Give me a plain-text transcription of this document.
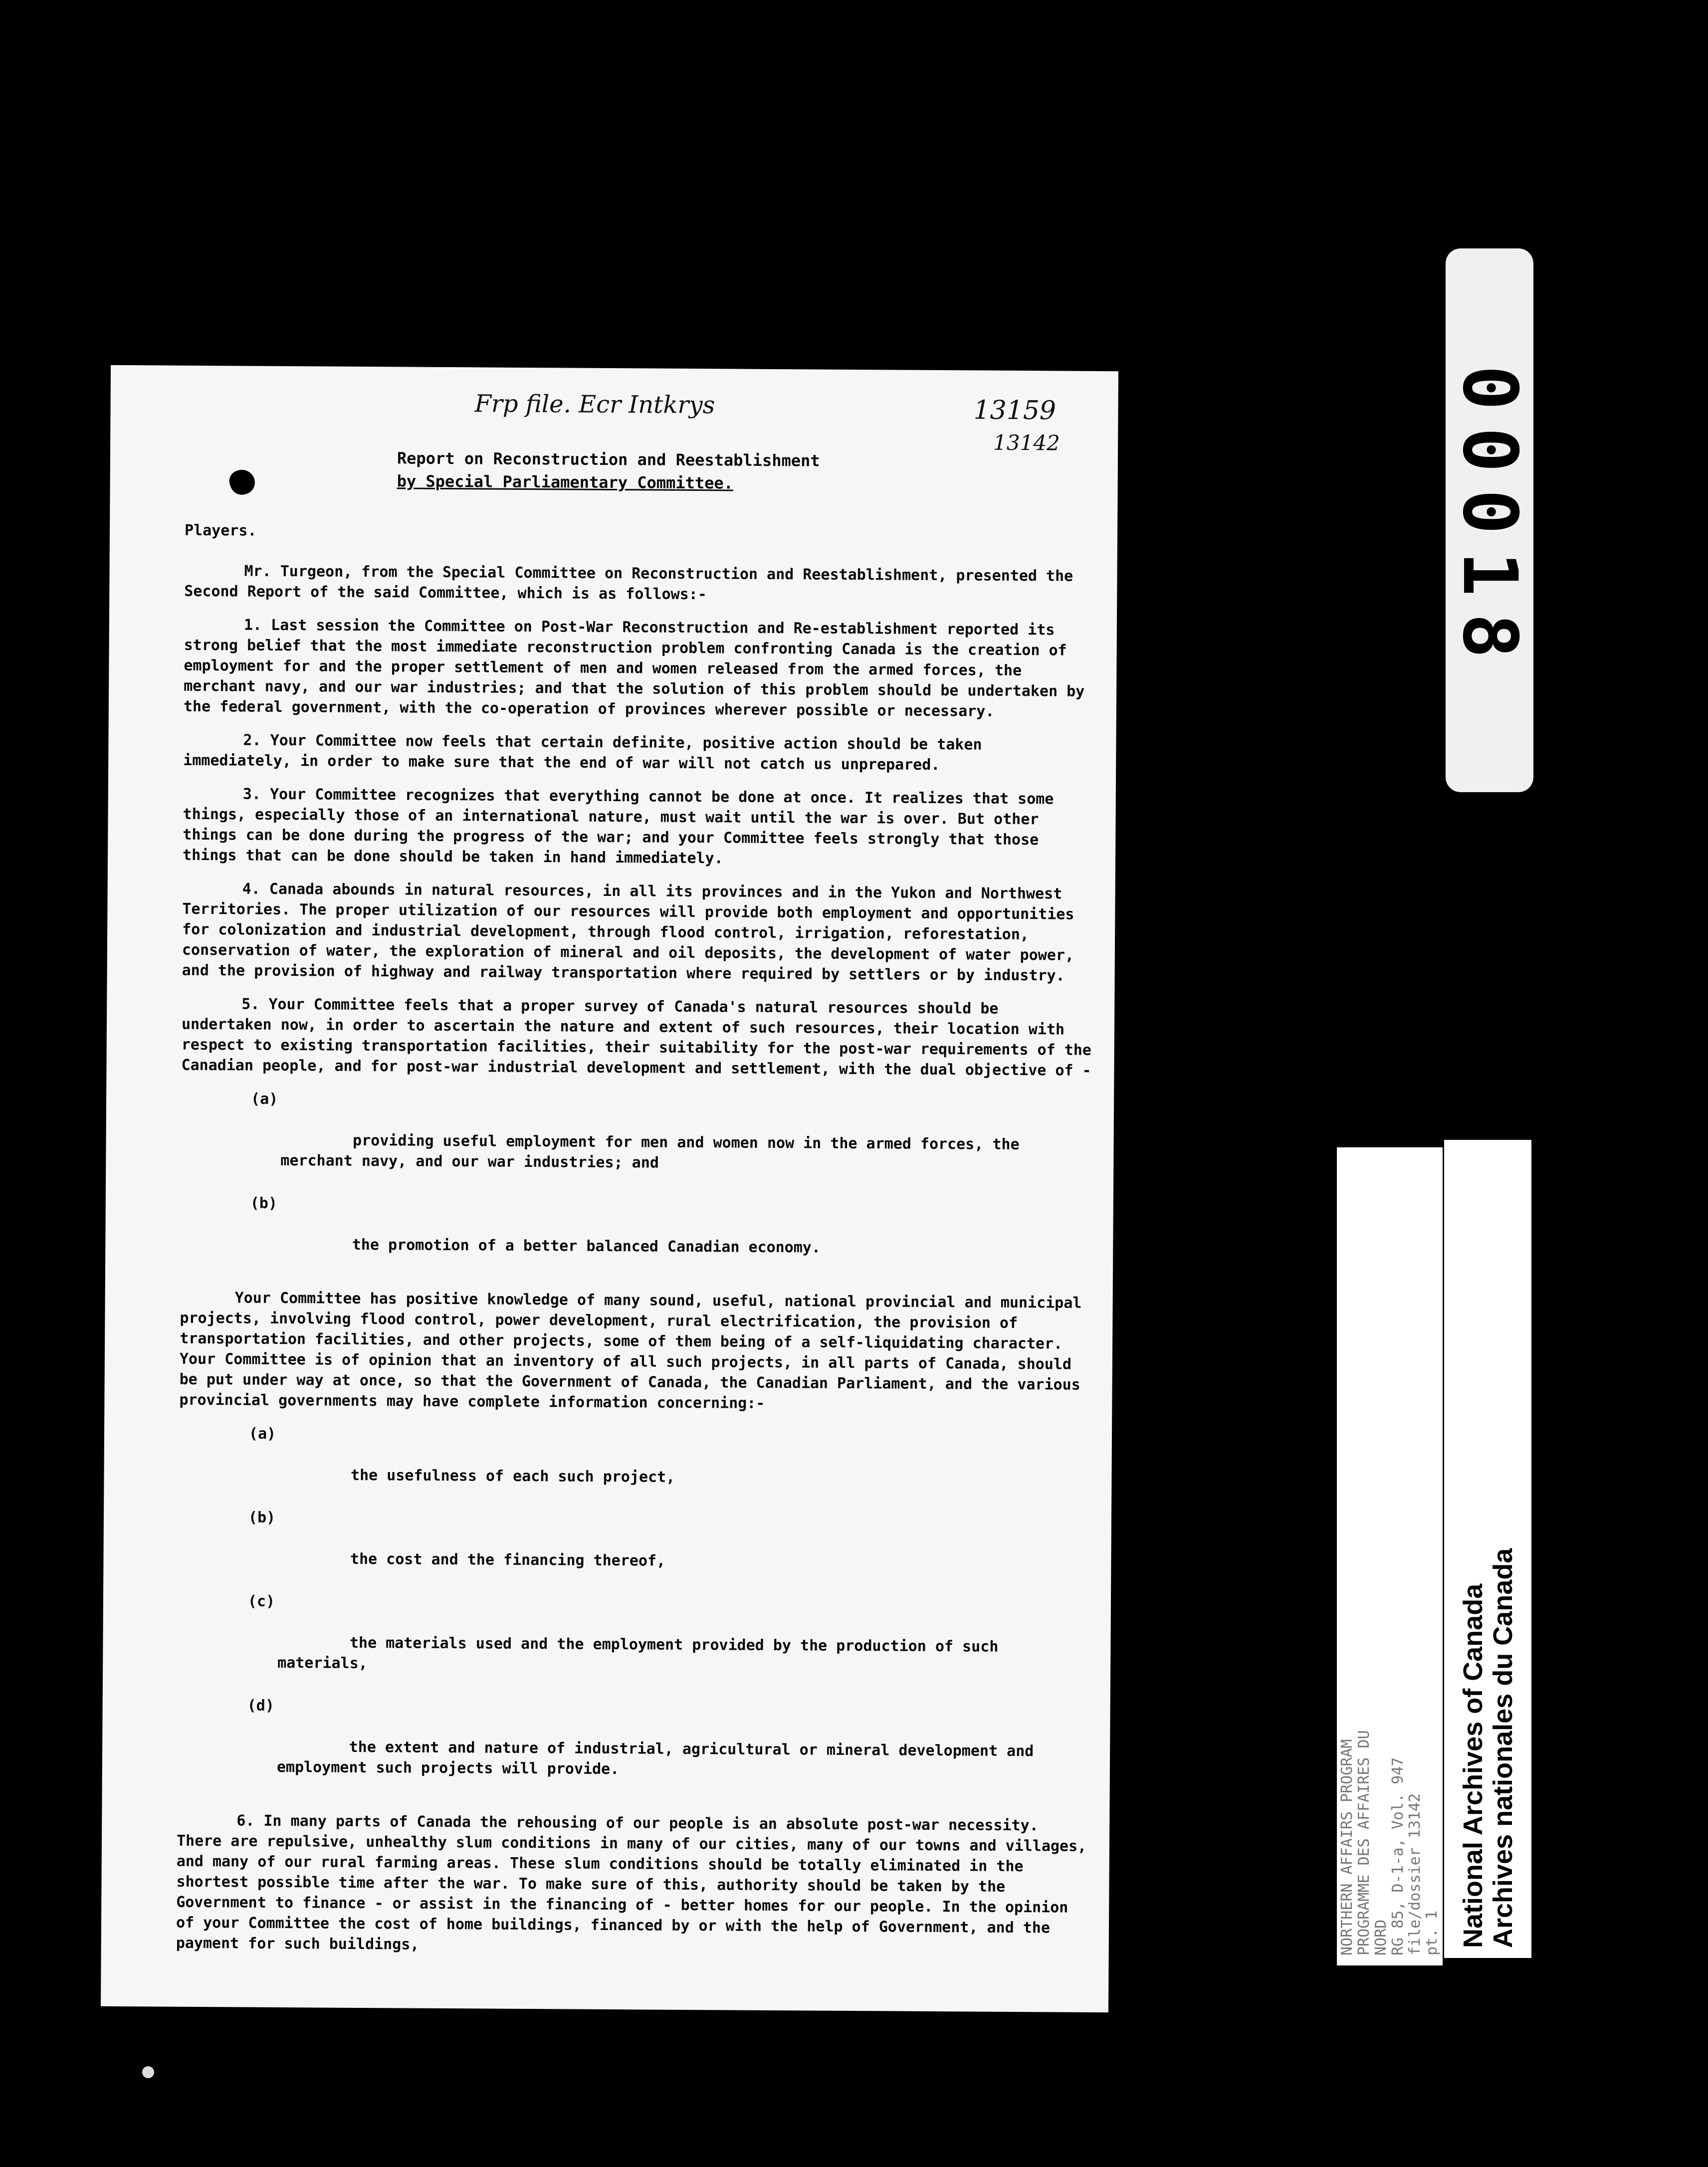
Frp file. Ecr Intkrys	13159
13142
Report on Reconstruction and Reestablishment
by Special Parliamentary Committee.

Players.

Mr. Turgeon, from the Special Committee on Reconstruction and Reestablishment, presented the Second Report of the said Committee, which is as follows:-

1. Last session the Committee on Post-War Reconstruction and Re-establishment reported its strong belief that the most immediate reconstruction problem confronting Canada is the creation of employment for and the proper settlement of men and women released from the armed forces, the merchant navy, and our war industries; and that the solution of this problem should be undertaken by the federal government, with the co-operation of provinces wherever possible or necessary.

2. Your Committee now feels that certain definite, positive action should be taken immediately, in order to make sure that the end of war will not catch us unprepared.

3. Your Committee recognizes that everything cannot be done at once. It realizes that some things, especially those of an international nature, must wait until the war is over. But other things can be done during the progress of the war; and your Committee feels strongly that those things that can be done should be taken in hand immediately.

4. Canada abounds in natural resources, in all its provinces and in the Yukon and Northwest Territories. The proper utilization of our resources will provide both employment and opportunities for colonization and industrial development, through flood control, irrigation, reforestation, conservation of water, the exploration of mineral and oil deposits, the development of water power, and the provision of highway and railway transportation where required by settlers or by industry.

5. Your Committee feels that a proper survey of Canada's natural resources should be undertaken now, in order to ascertain the nature and extent of such resources, their location with respect to existing transportation facilities, their suitability for the post-war requirements of the Canadian people, and for post-war industrial development and settlement, with the dual objective of -

(a)

providing useful employment for men and women now in the armed forces, the merchant navy, and our war industries; and

(b)

the promotion of a better balanced Canadian economy.

Your Committee has positive knowledge of many sound, useful, national provincial and municipal projects, involving flood control, power development, rural electrification, the provision of transportation facilities, and other projects, some of them being of a self-liquidating character. Your Committee is of opinion that an inventory of all such projects, in all parts of Canada, should be put under way at once, so that the Government of Canada, the Canadian Parliament, and the various provincial governments may have complete information concerning:-

(a)

the usefulness of each such project,

(b)

the cost and the financing thereof,

(c)

the materials used and the employment provided by the production of such materials,

(d)

the extent and nature of industrial, agricultural or mineral development and employment such projects will provide.

6. In many parts of Canada the rehousing of our people is an absolute post-war necessity. There are repulsive, unhealthy slum conditions in many of our cities, many of our towns and villages, and many of our rural farming areas. These slum conditions should be totally eliminated in the shortest possible time after the war. To make sure of this, authority should be taken by the Government to finance - or assist in the financing of - better homes for our people. In the opinion of your Committee the cost of home buildings, financed by or with the help of Government, and the payment for such buildings,

00018
NORTHERN AFFAIRS PROGRAM PROGRAMME DES AFFAIRES DU NORD RG 85, D-1-a, Vol. 947 file/dossier 13142 pt. 1 National Archives of Canada Archives nationales du Canada
